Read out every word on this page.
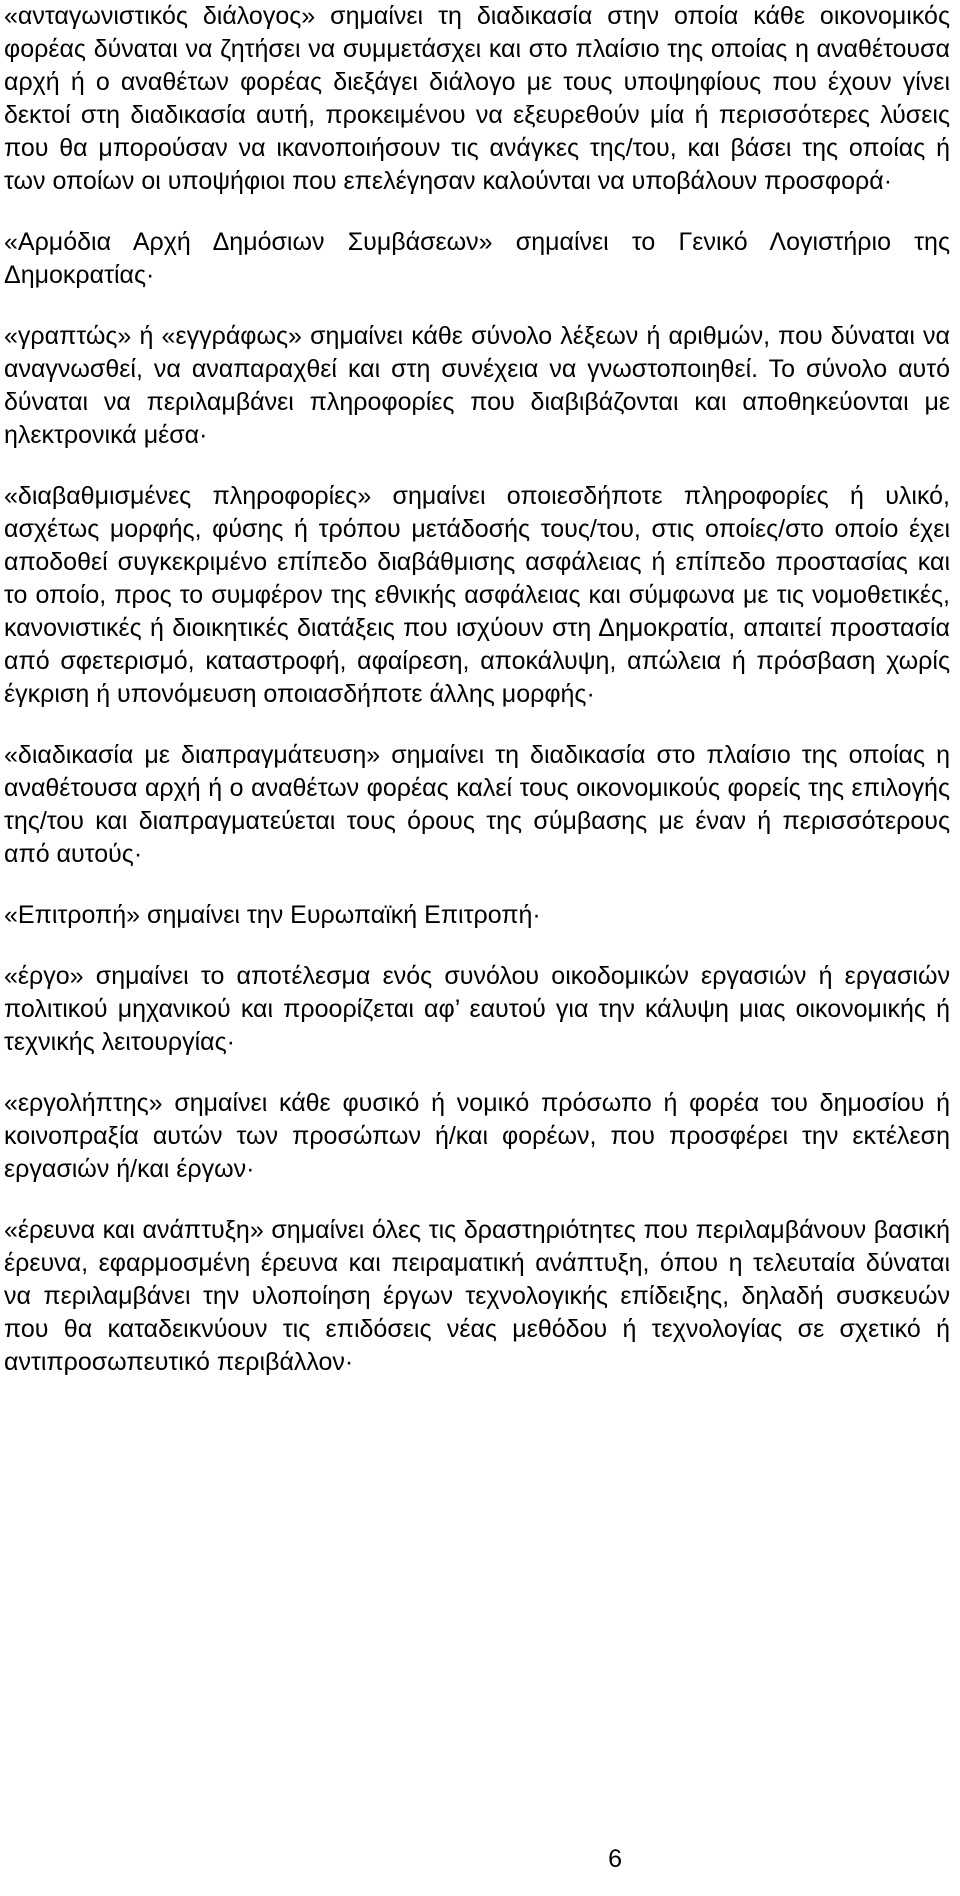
«ανταγωνιστικός διάλογος» σημαίνει τη διαδικασία στην οποία κάθε οικονομικός φορέας δύναται να ζητήσει να συμμετάσχει και στο πλαίσιο της οποίας η αναθέτουσα αρχή ή ο αναθέτων φορέας διεξάγει διάλογο με τους υποψηφίους που έχουν γίνει δεκτοί στη διαδικασία αυτή, προκειμένου να εξευρεθούν μία ή περισσότερες λύσεις που θα μπορούσαν να ικανοποιήσουν τις ανάγκες της/του, και βάσει της οποίας ή των οποίων οι υποψήφιοι που επελέγησαν καλούνται να υποβάλουν προσφορά·

«Αρμόδια Αρχή Δημόσιων Συμβάσεων» σημαίνει το Γενικό Λογιστήριο της Δημοκρατίας·

«γραπτώς» ή «εγγράφως» σημαίνει κάθε σύνολο λέξεων ή αριθμών, που δύναται να αναγνωσθεί, να αναπαραχθεί και στη συνέχεια να γνωστοποιηθεί. Το σύνολο αυτό δύναται να περιλαμβάνει πληροφορίες που διαβιβάζονται και αποθηκεύονται με ηλεκτρονικά μέσα·

«διαβαθμισμένες πληροφορίες» σημαίνει οποιεσδήποτε πληροφορίες ή υλικό, ασχέτως μορφής, φύσης ή τρόπου μετάδοσής τους/του, στις οποίες/στο οποίο έχει αποδοθεί συγκεκριμένο επίπεδο διαβάθμισης ασφάλειας ή επίπεδο προστασίας και το οποίο, προς το συμφέρον της εθνικής ασφάλειας και σύμφωνα με τις νομοθετικές, κανονιστικές ή διοικητικές διατάξεις που ισχύουν στη Δημοκρατία, απαιτεί προστασία από σφετερισμό, καταστροφή, αφαίρεση, αποκάλυψη, απώλεια ή πρόσβαση χωρίς έγκριση ή υπονόμευση οποιασδήποτε άλλης μορφής·

«διαδικασία με διαπραγμάτευση» σημαίνει τη διαδικασία στο πλαίσιο της οποίας η αναθέτουσα αρχή ή ο αναθέτων φορέας καλεί τους οικονομικούς φορείς της επιλογής της/του και διαπραγματεύεται τους όρους της σύμβασης με έναν ή περισσότερους από αυτούς·

«Επιτροπή» σημαίνει την Ευρωπαϊκή Επιτροπή·

«έργο» σημαίνει το αποτέλεσμα ενός συνόλου οικοδομικών εργασιών ή εργασιών πολιτικού μηχανικού και προορίζεται αφ’ εαυτού για την κάλυψη μιας οικονομικής ή τεχνικής λειτουργίας·

«εργολήπτης» σημαίνει κάθε φυσικό ή νομικό πρόσωπο ή φορέα του δημοσίου ή κοινοπραξία αυτών των προσώπων ή/και φορέων, που προσφέρει την εκτέλεση εργασιών ή/και έργων·

«έρευνα και ανάπτυξη» σημαίνει όλες τις δραστηριότητες που περιλαμβάνουν βασική έρευνα, εφαρμοσμένη έρευνα και πειραματική ανάπτυξη, όπου η τελευταία δύναται να περιλαμβάνει την υλοποίηση έργων τεχνολογικής επίδειξης, δηλαδή συσκευών που θα καταδεικνύουν τις επιδόσεις νέας μεθόδου ή τεχνολογίας σε σχετικό ή αντιπροσωπευτικό περιβάλλον·

6
